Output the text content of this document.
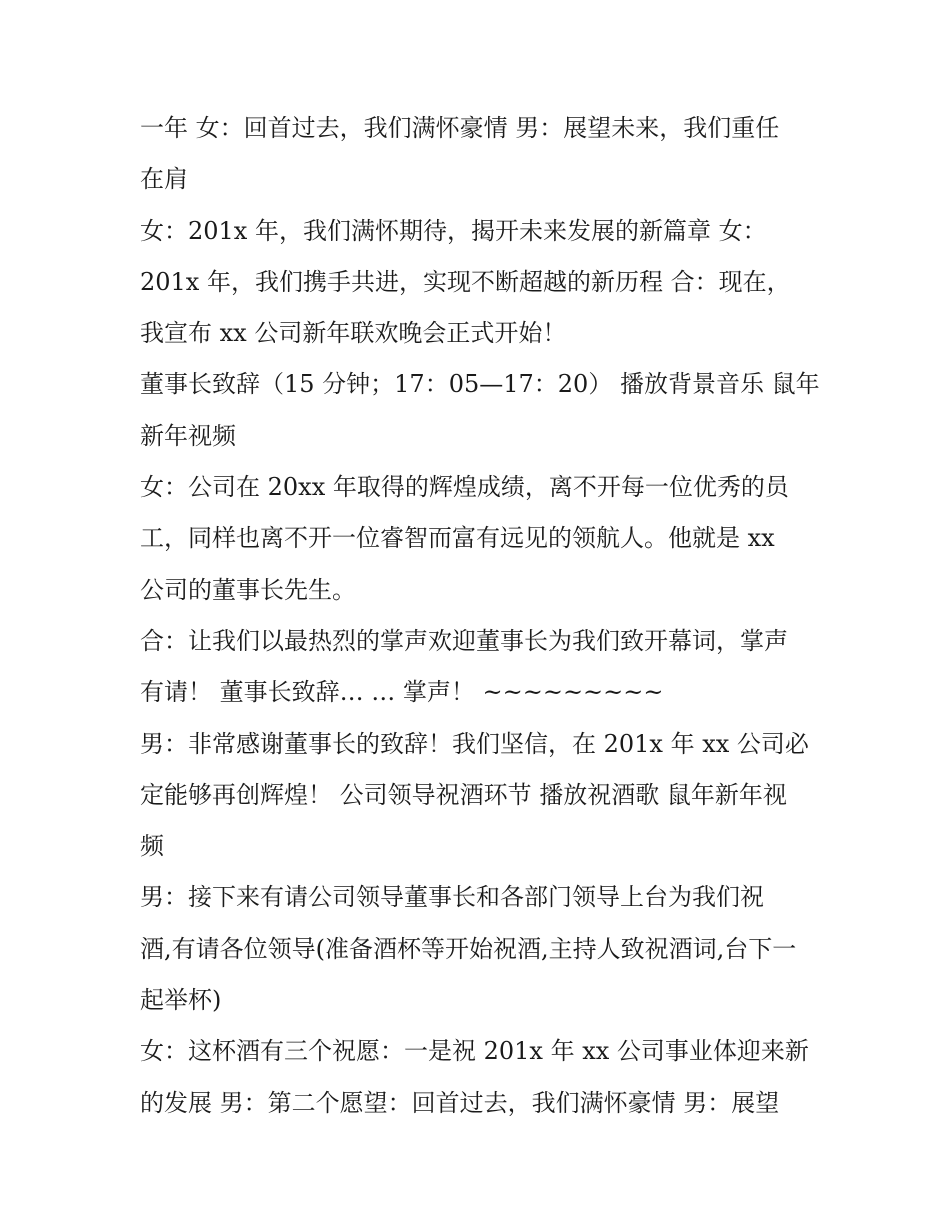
一年 女：回首过去，我们满怀豪情 男：展望未来，我们重任
在肩
女：201x 年，我们满怀期待，揭开未来发展的新篇章 女：
201x 年，我们携手共进，实现不断超越的新历程 合：现在，
我宣布 xx 公司新年联欢晚会正式开始！
董事长致辞（15 分钟；17：05—17：20） 播放背景音乐 鼠年
新年视频
女：公司在 20xx 年取得的辉煌成绩，离不开每一位优秀的员
工，同样也离不开一位睿智而富有远见的领航人。他就是 xx
公司的董事长先生。
合：让我们以最热烈的掌声欢迎董事长为我们致开幕词，掌声
有请！ 董事长致辞… … 掌声！ ~~~~~~~~~
男：非常感谢董事长的致辞！我们坚信，在 201x 年 xx 公司必
定能够再创辉煌！ 公司领导祝酒环节 播放祝酒歌 鼠年新年视
频
男：接下来有请公司领导董事长和各部门领导上台为我们祝
酒,有请各位领导(准备酒杯等开始祝酒,主持人致祝酒词,台下一
起举杯)
女：这杯酒有三个祝愿：一是祝 201x 年 xx 公司事业体迎来新
的发展 男：第二个愿望：回首过去，我们满怀豪情 男：展望
